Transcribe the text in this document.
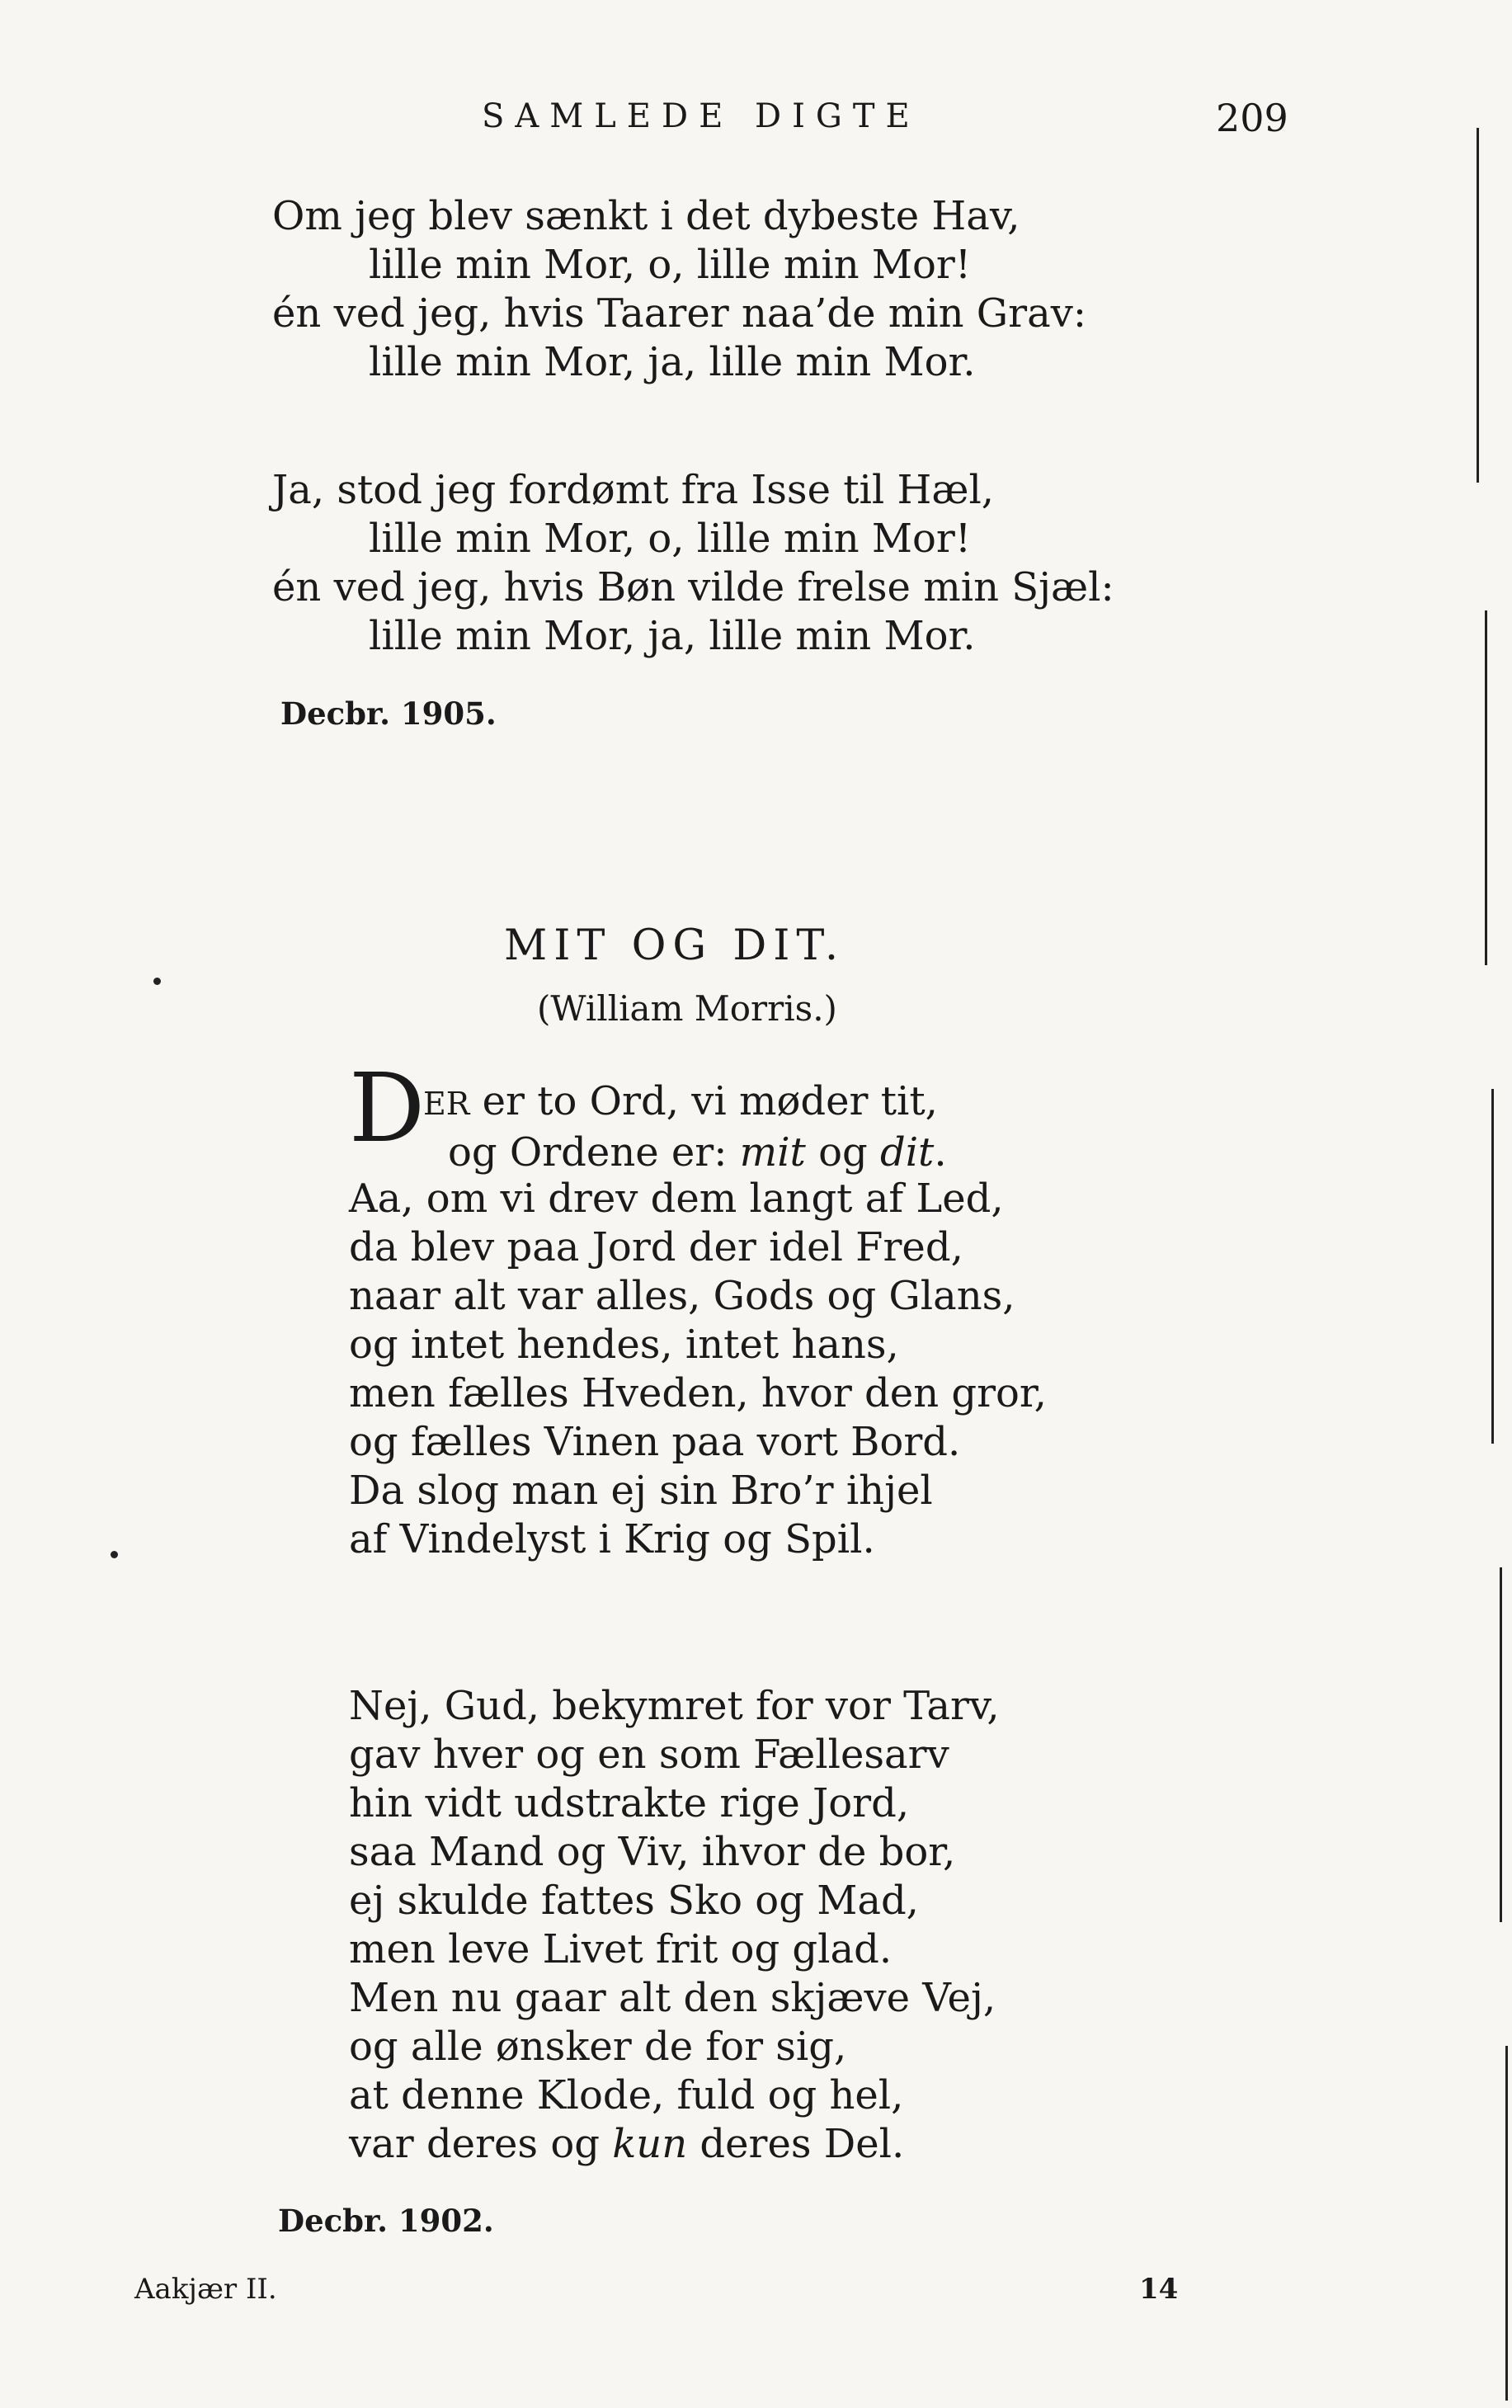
SAMLEDE DIGTE	209
Om jeg blev sænkt i det dybeste Hav,
lille min Mor, o, lille min Mor!
én ved jeg, hvis Taarer naa’de min Grav:
lille min Mor, ja, lille min Mor.
Ja, stod jeg fordømt fra Isse til Hæl,
lille min Mor, o, lille min Mor!
én ved jeg, hvis Bøn vilde frelse min Sjæl:
lille min Mor, ja, lille min Mor.
Decbr. 1905.
MIT OG DIT.
(William Morris.)
D
ER er to Ord, vi møder tit,
og Ordene er: mit og dit.
Aa, om vi drev dem langt af Led,
da blev paa Jord der idel Fred,
naar alt var alles, Gods og Glans,
og intet hendes, intet hans,
men fælles Hveden, hvor den gror,
og fælles Vinen paa vort Bord.
Da slog man ej sin Bro’r ihjel
af Vindelyst i Krig og Spil.
Nej, Gud, bekymret for vor Tarv,
gav hver og en som Fællesarv
hin vidt udstrakte rige Jord,
saa Mand og Viv, ihvor de bor,
ej skulde fattes Sko og Mad,
men leve Livet frit og glad.
Men nu gaar alt den skjæve Vej,
og alle ønsker de for sig,
at denne Klode, fuld og hel,
var deres og kun deres Del.
Decbr. 1902.
Aakjær II.	14
